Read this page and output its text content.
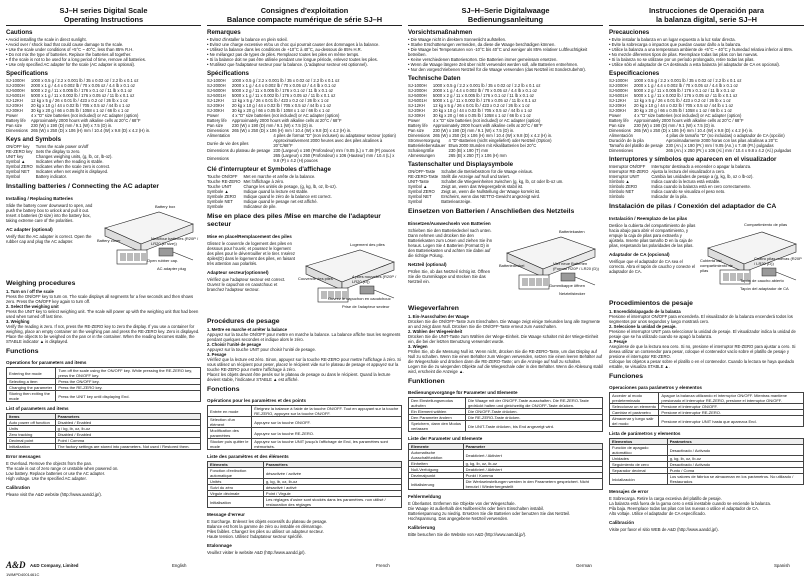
SJ–H series Digital Scale
Operating Instructions
Cautions

• Avoid installing the scale in direct sunlight.

• Avoid over / shock load that could cause damage to the scale.

• Use the scale under conditions of +5°C ~ 40°C, less than 85% R.H.

• Do not mix the type of batteries. Replace the batteries all together.

• If the scale is not to be used for a long period of time, remove all batteries.

• Use only specified AC adapter for the scale (AC adapter is optional).

Specifications
SJ-1000H	1000 x 0.5 g / 2.2 x 0.001 lb / 35 x 0.02 oz / 2.2 lb x 0.1 oz
SJ-2000H	2000 x 1 g / 4.4 x 0.002 lb / 70 x 0.05 oz / 4.4 lb x 0.1 oz
SJ-5000H	5000 x 2 g / 11 x 0.005 lb / 176 x 0.1 oz / 11 lb x 0.1 oz
SJ-5001H	5000 x 1 g / 11 x 0.002 lb / 176 x 0.05 oz / 11 lb x 0.1 oz
SJ-12KH	12 kg x 5 g / 26 x 0.01 lb / 423 x 0.2 oz / 26 lb x 1 oz
SJ-20KH	20 kg x 10 g / 44 x 0.02 lb / 705 x 0.5 oz / 44 lb x 1 oz
SJ-30KH	30 kg x 20 g / 66 x 0.05 lb / 1058 x 1 oz / 66 lb x 1 oz
Power	4 x "D" size batteries (not included) or AC adapter (option)
Battery life	Approximately 2000 hours with alkaline cells at 20°C / 68°F
Pan size	230 (W) x 190 (D) mm / 9.1 (W) x 7.5 (D) in.
Dimensions	265 (W) x 250 (D) x 106 (H) mm / 10.4 (W) x 9.8 (D) x 4.2 (H) in.
Keys and Symbols
ON/OFF key	Turns the scale power on/off
RE-ZERO key	Sets the display to zero.
UNIT key	Changes weighing units, (g, lb, oz, lb-oz).
Symbol ▲	Indicates when the reading is stable.
Symbol ZERO	Indicates when the scale zero is correct.
Symbol NET	Indicates when net weight is displayed.
Symbol	Battery indicator.
Installing batteries / Connecting the AC adapter
Installing / Replacing Batteries

Slide the battery cover downward to open, and push the battery box to unlock and pull it out. Insert 4 batteries (D size) into the battery box, taking extreme care of the polarities.

AC adapter (optional)

Verify that the AC adapter is correct. Open the rubber cap and plug the AC adapter.

Battery box
Battery cover	New/four batteries (R20P / LR20 (D size))
Open rubber cap.
AC adapter plug
Weighing procedures

1. Turn on / off the scale

Press the ON/OFF key to turn on. The scale displays all segments for a few seconds and then shows zero. Press the ON/OFF key again to turn off.

2. Select the weighing unit

Press the UNIT key to select weighing unit. The scale will power up with the weighing unit that had been used when turned off last time.

3. Weighing

Verify the reading is zero. If not, press the RE-ZERO key to zero the display. If you use a container for weighing, place an empty container on the weighing pan and press the RE-ZERO key. Zero is displayed.

Place the objects to be weighed on the pan or in the container. When the reading becomes stable, the STABLE indicator ▲ is displayed.

Functions
Operations for parameters and items
Entering the mode	Turn off the scale using the ON/OFF key. While pressing the RE-ZERO key, press the ON/OFF key.
Selecting a item	Press the ON/OFF key.
Changing the parameter	Press the RE-ZERO key.
Storing then exiting the mode	Press the UNIT key until displaying End.
List of parameters and items
Items	Parameters
Auto power off function	Disabled / Enabled
Units	g / kg, lb, oz, lb-oz
Zero tracking	Disabled / Enabled
Decimal point	Point / Comma
Initialization	The factory settings are stored into parameters. Not used / Restored them.
Error messages

E Overload. Remove the objects from the pan.

The scale is out of zero range or unstable when powered on.

Low battery. Replace batteries or use the AC adapter.

High voltage. Use the specified AC adapter.

Calibration

Please visit the A&D website (http://www.aandd.jp/).

Consignes d'exploitation
Balance compacte numérique de série SJ–H
Remarques

• Evitez d'installer la balance en plein soleil.

• Evitez une charge excessive et/ou un choc qui pourrait causer des dommages à la balance.

• Utilisez la balance dans les conditions de +10°C à 40°C, au-dessous de 85% H.R.

• Ne mélangez pas de types de piles. Remplacez toutes les piles en même temps.

• Si la balance doit ne pas être utilisée pendant une longue période, enlevez toutes les piles.

• N'utilisez que l'adaptateur secteur pour la balance. (L'adapteur secteur est optionnel).

Spécifications
SJ-1000H	1000 x 0.5 g / 2.2 x 0.001 lb / 35 x 0.02 oz / 2.2 lb x 0.1 oz
SJ-2000H	2000 x 1 g / 4.4 x 0.002 lb / 70 x 0.05 oz / 4.4 lb x 0.1 oz
SJ-5000H	5000 x 2 g / 11 x 0.005 lb / 176 x 0.1 oz / 11 lb x 0.1 oz
SJ-5001H	5000 x 1 g / 11 x 0.002 lb / 176 x 0.05 oz / 11 lb x 0.1 oz
SJ-12KH	12 kg x 5 g / 26 x 0.01 lb / 423 x 0.2 oz / 26 lb x 1 oz
SJ-20KH	20 kg x 10 g / 44 x 0.02 lb / 705 x 0.5 oz / 44 lb x 1 oz
SJ-30KH	30 kg x 20 g / 66 x 0.05 lb / 1058 x 1 oz / 66 lb x 1 oz
Power	4 x "D" size batteries (not included) or AC adapter (option)
Battery life	Approximately 2000 hours with alkaline cells at 20°C / 68°F
Pan size	230 (W) x 190 (D) mm / 9.1 (W) x 7.5 (D) in.
Dimensions	265 (W) x 250 (D) x 106 (H) mm / 10.4 (W) x 9.8 (D) x 4.2 (H) in.
Alimentation	4 piles de format "D" (non incluses) ou adaptateur secteur (option)
Durée de vie des piles	Approximativement 2000 heures avec des piles alcalines à 20°C/68°F
Dimensions du plateau de pesage	230 (Largeur) x 190 (Profondeur) mm / 9.05 (L) x 7.48 (P) pouces
Dimensions	265 (Largeur) x 250 (Profondeur) x 106 (Hauteur) mm / 10.4 (L) x 9.8 (P) x 4.2 (H) pouces
Clé d'interrupteur et Symboles d'affichage
Touche ON/OFF	Met en marche et arrête de la balance.
Touche RE-ZERO	Met l'affichage à zéro.
Touche UNIT	Change les unités de pesage, (g, kg, lb, oz, lb-oz).
Symbole ▲	Indique quand la lecture est stable.
Symbole ZERO	Indique quand le zéro de la balance est correct.
Symbole NET	Indique quand le pesage net est affiché.
Symbole	Indicateur de pile.
Mise en place des piles /Mise en marche de l'adapteur secteur
Mise en place/Remplacement des piles

Glissez le couvercle de logement des piles en dessous pour l'ouvrir, et poussez le logement des piles pour le déverrouiller et le tirer. Insérez 4piles(D) dans le logement des piles, en faisant très attention aux polarités.

Adapteur secteur(optionnel)

Vérifiez que l'adapteur secteur est correct. Ouvrez le capuchon en caoutchouc et branchez l'adapteur secteur.

Logement des piles
Couvercle des piles	4 piles nouvelles (R20P / LR20 (D))
Ouvrez le capuchon en caoutchouc
Prise de l'adapteur secteur
Procédures de pesage

1. Mettre en marche et arrêter la balance

Appuyez sur la touche ON/OFF pour mettre en marche la balance. La balance affiche tous les segments pendant quelques secondes et indique alors le zéro.

2. Choisir l'unité de pesage

Appuyez sur la touche UNIT pour choisir l'unité de pesage.

3. Pesage

Vérifiez que la lecture est zéro. Sinon, appuyez sur la touche RE-ZERO pour mettre l'affichage à zéro. Si vous utilisez un récipient pour peser, placez le récipient vide sur le plateau de pesage et appuyez sur la touche RE-ZERO pour mettre l'affichage à zéro.

Placez les objets devant être pesés sur le plateau de pesage ou dans le récipient. Quand la lecture devient stable, l'indicateur STABLE ▲ est affiché.

Fonctions
Opérations pour les paramètres et des points
Entrée en mode	Éteignez la balance à l'aide de la touche ON/OFF. Tout en appuyant sur la touche RE-ZERO, appuyez sur la touche ON/OFF.
Sélection d'un élément	Appuyez sur la touche ON/OFF.
Modification des paramètres	Appuyez sur la touche RE-ZERO.
Stocker puis quitter le mode	Appuyez sur la touche UNIT jusqu'à l'affichage de End, les paramètres sont mémorisés.
Liste des paramètres et des éléments
Eléments	Paramètres
Fonction d'extinction automatique	désactivée / activée
Unités	g, kg, lb, oz, lb-oz
Suivi du zéro	désactivé / activé
Virgule décimale	Point / Virgule
Initialisation	Les réglages d'usine sont stockés dans les paramètres. non utilisé / restauration des réglages
Message d'erreur

E Surcharge. Enlevez les objets excessifs du plateau de pesage.

Balance est hors la gamme de zéro ou instable en démarrage.

Piles faibles. Changez les piles ou utilisez un adapteur secteur.

Haute tension. Utilisez l'adaptateur secteur spécifié.

Etalonnage

Veuillez visiter le website A&D (http://www.aandd.jp/).

SJ–H–Serie Digitalwaage
Bedienungsanleitung
Vorsichtsmaßnahmen

• Die Waage nicht in direktem Sonnenlicht aufstellen.

• Starke Erschütterungen vermeiden, da diese die Waage beschädigen können.

• Die Waage bei Temperaturen von -10°C bis 40°C und weniger als 85% relativer Luftfeuchtigkeit betreiben.

• Keine verschiedenen Batteriesorten. Die Batterien immer gemeinsam ersetzen.

• Wenn die Waage längere Zeit über nicht verwendet werden soll, alle Batterien entnehmen.

• Nur den vorgeschriebenen Netzteil für die Waage verwenden (das Netzteil ist Sonderzubehör).

Technische Daten
SJ-1000H	1000 x 0.5 g / 2.2 x 0.001 lb / 35 x 0.02 oz / 2.2 lb x 0.1 oz
SJ-2000H	2000 x 1 g / 4.4 x 0.002 lb / 70 x 0.05 oz / 4.4 lb x 0.1 oz
SJ-5000H	5000 x 2 g / 11 x 0.005 lb / 176 x 0.1 oz / 11 lb x 0.1 oz
SJ-5001H	5000 x 1 g / 11 x 0.002 lb / 176 x 0.05 oz / 11 lb x 0.1 oz
SJ-12KH	12 kg x 5 g / 26 x 0.01 lb / 423 x 0.2 oz / 26 lb x 1 oz
SJ-20KH	20 kg x 10 g / 44 x 0.02 lb / 705 x 0.5 oz / 44 lb x 1 oz
SJ-30KH	30 kg x 20 g / 66 x 0.05 lb / 1058 x 1 oz / 66 lb x 1 oz
Power	4 x "D" size batteries (not included) or AC adapter (option)
Battery life	Approximately 2000 hours with alkaline cells at 20°C / 68°F
Pan size	230 (W) x 190 (D) mm / 9.1 (W) x 7.5 (D) in.
Dimensions	265 (W) x 250 (D) x 106 (H) mm / 10.4 (W) x 9.8 (D) x 4.2 (H) in.
Stromversorgung	4 "D"-Batterien (nicht eingeliefert) oder Netzteil (Option)
Batterielebensdauer	Etwa 2000 Stunden mit Alkalibatterien bei 20°C
Schalengröße	230 (B) x 190 (T) mm
Abmessungen	265 (B) x 250 (T) x 106 (H) mm
Tastenschalter und Displaysymbole
ON/OFF-Taste	Schaltet die Betriebsstrom für die Waage ein/aus.
RE-ZERO-Taste	Stellt die Anzeige auf Null und tariert.
UNIT-Taste	Schaltet die Wiegeeinheiten zwischen (g, kg, lb, oz oder lb-oz um.
Symbol ▲	Zeigt an, wenn das Wiegeergebnis stabil ist.
Symbol ZERO	Zeigt an, wenn die Nullstellung der Waage korrekt ist.
Symbol NET	Erscheint, wenn das NETTO-Gewicht angezeigt wird.
Symbol	Batterieanzeige.
Einsetzen von Batterien / Anschließen des Netzteils
Einsetzen/Auswechseln von Batterien

Schieben Sie den Batteriedeckel nach unten. Dann nehmen und drücken Sie den Batteriekasten zum Lösen und ziehen Sie ihn heraus. Legen Sie 4 Batterien (Format D) in den Batteriekasten und achten Sie dabei auf die richtige Polung.

Netzteil (optional)

Prüfen Sie, ob das Netzteil richtig ist. Öffnen Sie die Gummikappe und stecken Sie das Netzteil ein.

Batteriekasten
Batteriedeckel	Vier neue Batterien (Format R20P / LR20 (D))
Gummikappe öffnen
Netzteilstecker
Wiegeverfahren

1. Ein-/Ausschalten der Waage

Drücken Sie die ON/OFF-Taste zum Einschalten. Die Waage zeigt einige Sekunden lang alle Segmente an und zeigt dann Null. Drücken Sie die ON/OFF-Taste erneut zum Ausschalten.

2. Wählen der Wiegeeinheit

Drücken Sie die UNIT-Taste zum Wählen der Wiege-Einheit. Die Waage schaltet mit der Wiege-Einheit ein, die bei der letzten Benutzung verwendet wurde.

3. Wiegen

Prüfen Sie, ob die Messung Null ist. Wenn nicht, drücken Sie die RE-ZERO-Taste, um das Display auf Null zu schalten. Wenn Sie einen Behälter zum Wiegen verwenden, setzen Sie einen leeren Behälter auf die Wiegeschale und drücken dann die RE-ZERO-Taste; um die Anzeige auf Null zu schalten.

Legen Sie die zu wiegenden Objekte auf die Wiegeschale oder in den Behälter. Wenn die Ablesung stabil wird, erscheint die Anzeige ▲.

Funktionen
Bedienungsvorgänge für Parameter und Elemente
Den Einstellungsmodus aufrufen	Die Waage mit der ON/OFF-Taste ausschalten. Die RE-ZERO-Taste gedrückt halten und gleichzeitig die ON/OFF-Taste drücken.
Ein Element wählen	Die ON/OFF-Taste drücken.
Den Parameter ändern	Die RE-ZERO-Taste drücken.
Speichern, dann den Modus verlassen	Die UNIT-Taste drücken, bis End angezeigt wird.
Liste der Parameter und Elemente
Elemente	Parameter
Automatische Ausschaltfunktion	Deaktiviert / Aktiviert
Einheiten	g, kg, lb, oz, lb-oz
Null-Verfolgung	Deaktiviert / Aktiviert
Dezimalpunkt	Punkt / Komma
Initialisierung	Die Werkseinstellungen werden in den Parametern gespeichert. Nicht benutzt / Wiederhergestellt
Fehlermeldung

E Überlastet. Entfernen Sie Objekte von der Wiegeschale.

Die Waage ist außerhalb des Nullbereichs oder beim Einschalten instabil.

Batteriespannung zu niedrig. Ersetzen Sie die Batterien oder benutzen Sie das Netzteil.

Hochspannung. Das angegebene Netzteil verwenden.

Kalibrierung

Bitte besuchen Sie die Website von A&D (http://www.aandd.jp/).

Instrucciones de Operación para
la balanza digital, serie SJ–H
Precauciones

• Evite instalar la balanza en un lugar expuesto a la luz solar directa.

• Evite la sobrecarga o impactos que puedan causar daño a la balanza.

• Utilice la balanza a una temperatura ambiente de +5°C ~ 40°C y humedad relativa inferior al 85%.

• No mezcle diferentes tipos de pilas. Reemplace todas las pilas con las nuevas.

• Si la balanza no se utilizase por un período prolongado, retire todas las pilas.

• Utilice sólo el adaptador de CA destinado a esta balanza (el adaptador de CA es opcional).

Especificaciones
SJ-1000H	1000 x 0.5 g / 2.2 x 0.001 lb / 35 x 0.02 oz / 2.2 lb x 0.1 oz
SJ-2000H	2000 x 1 g / 4.4 x 0.002 lb / 70 x 0.05 oz / 4.4 lb x 0.1 oz
SJ-5000H	5000 x 2 g / 11 x 0.005 lb / 176 x 0.1 oz / 11 lb x 0.1 oz
SJ-5001H	5000 x 1 g / 11 x 0.002 lb / 176 x 0.05 oz / 11 lb x 0.1 oz
SJ-12KH	12 kg x 5 g / 26 x 0.01 lb / 423 x 0.2 oz / 26 lb x 1 oz
SJ-20KH	20 kg x 10 g / 44 x 0.02 lb / 705 x 0.5 oz / 44 lb x 1 oz
SJ-30KH	30 kg x 20 g / 66 x 0.05 lb / 1058 x 1 oz / 66 lb x 1 oz
Power	4 x "D" size batteries (not included) or AC adapter (option)
Battery life	Approximately 2000 hours with alkaline cells at 20°C / 68°F
Pan size	230 (W) x 190 (D) mm / 9.1 (W) x 7.5 (D) in.
Dimensions	265 (W) x 250 (D) x 106 (H) mm / 10.4 (W) x 9.8 (D) x 4.2 (H) in.
Alimentación	4 pilas de tamaño "D" (no incluidas) o adaptador de CA (opción)
Duración de la pila	Aproximadamente 2000 horas con las pilas alcalinas a 20°C
Tamaño del platillo de pesaje	230 (An.) x 190 (Pr.) mm / 9.05 (An.) x 7.48 (Pr.) pulgadas
Dimensiones	265 (An.) x 250 (Pr.) x 106 (Al.) mm / 10.4 x 9.8 x 4.2 (Al.) pulgadas
Interruptores y símbolos que aparecen en el visualizador
Interruptor ON/OFF	Interruptor destinado a encender o apagar la balanza.
Interruptor RE-ZERO	Ajusta la lectura del visualizador a cero.
Interruptor UNIT	Cambia las unidades de pesaje a (g, kg, lb, oz o lb-oz).
Símbolo ▲	Indica cuando la lectura está estable.
Símbolo ZERO	Indica cuando la balanza está en cero correctamente.
Símbolo NET	Indica cuando se visualiza el peso neto.
Símbolo	Indicador de la pila.
Instalación de pilas / Conexión del adaptador de CA
Instalación / Reemplazo de las pilas

Deslice la cubierta del compartimiento de pilas hacia abajo para abrir el compartimiento, y empuje la caja de pilas para extraerla y ajústela. Inserte pilas tamaño D en la caja de pilas, respetando las polaridades de las pilas.

Adaptador de CA (opcional)

Verifique que el adaptador de CA sea el correcto. Abra el tapón de caucho y conecte el adaptador de CA.

Compartimiento de pilas
Cubierta del compartimiento de pilas
Cuatro pilas nuevas (R20P / LR20 (D))
Tapón de caucho abierto
Tapón del adaptador de CA
Procedimientos de pesaje

1. Encendido/apagado de la balanza

Presione el interruptor ON/OFF para encenderla. El visualizador de la balanza encenderá todos los segmentos por unos segundos y luego mostrará cero.

2. Seleccione la unidad de pesaje.

Presione el interruptor UNIT para seleccionar la unidad de pesaje. El visualizador indica la unidad de pesaje que se ha utilizado cuando se apagó la balanza.

3. Pesaje

Asegúrese de que la lectura sea cero. Si no, presione el interruptor RE-ZERO para ajustar a cero. Si desea utilizar un contenedor para pesar, coloque el contenedor vacío sobre el platillo de pesaje y presione el interruptor RE-ZERO.

Coloque los objetos a pesar sobre el platillo o en el contenedor. Cuando la lectura se haya quedado estable, se visualiza STABLE ▲.

Funciones
Operaciones para parámetros y elementos
Acceder al modo predeterminado	Apague la balanza utilizando el interruptor ON/OFF. Mientras mantiene presionado el interruptor RE-ZERO, presione el interruptor ON/OFF.
Seleccionar un elemento	Presione el interruptor ON/OFF.
Cambiar el parámetro	Presione el interruptor RE-ZERO.
Almacenar y luego salir del modo	Presione el interruptor UNIT hasta que aparezca End.
Lista de parámetros y elementos
Elementos	Parámetros
Función de apagado automático	Desactivado / Activado
Unidades	g, kg, lb, oz, lb-oz
Seguimiento de cero	Desactivado / Activado
Separador decimal	Punto / Coma
Inicialización	Los valores de fábrica se almacenan en los parámetros. No utilizado / Restaurados
Mensajes de error

E Sobrecarga. Retire la carga excesiva del platillo de pesaje.

La balanza está fuera de la gama cero o está inestable cuando se enciende la balanza.

Pila baja. Reemplace todas las pilas con las nuevas o utilice el adaptador de CA.

Alto voltaje. Utilice el adaptador de CA especificado.

Calibración

Visite por favor el sitio WEB de A&D (http://www.aandd.jp/).

A&D A&D Company, Limited
1WMPD4001461C
English	French	German	Spanish
